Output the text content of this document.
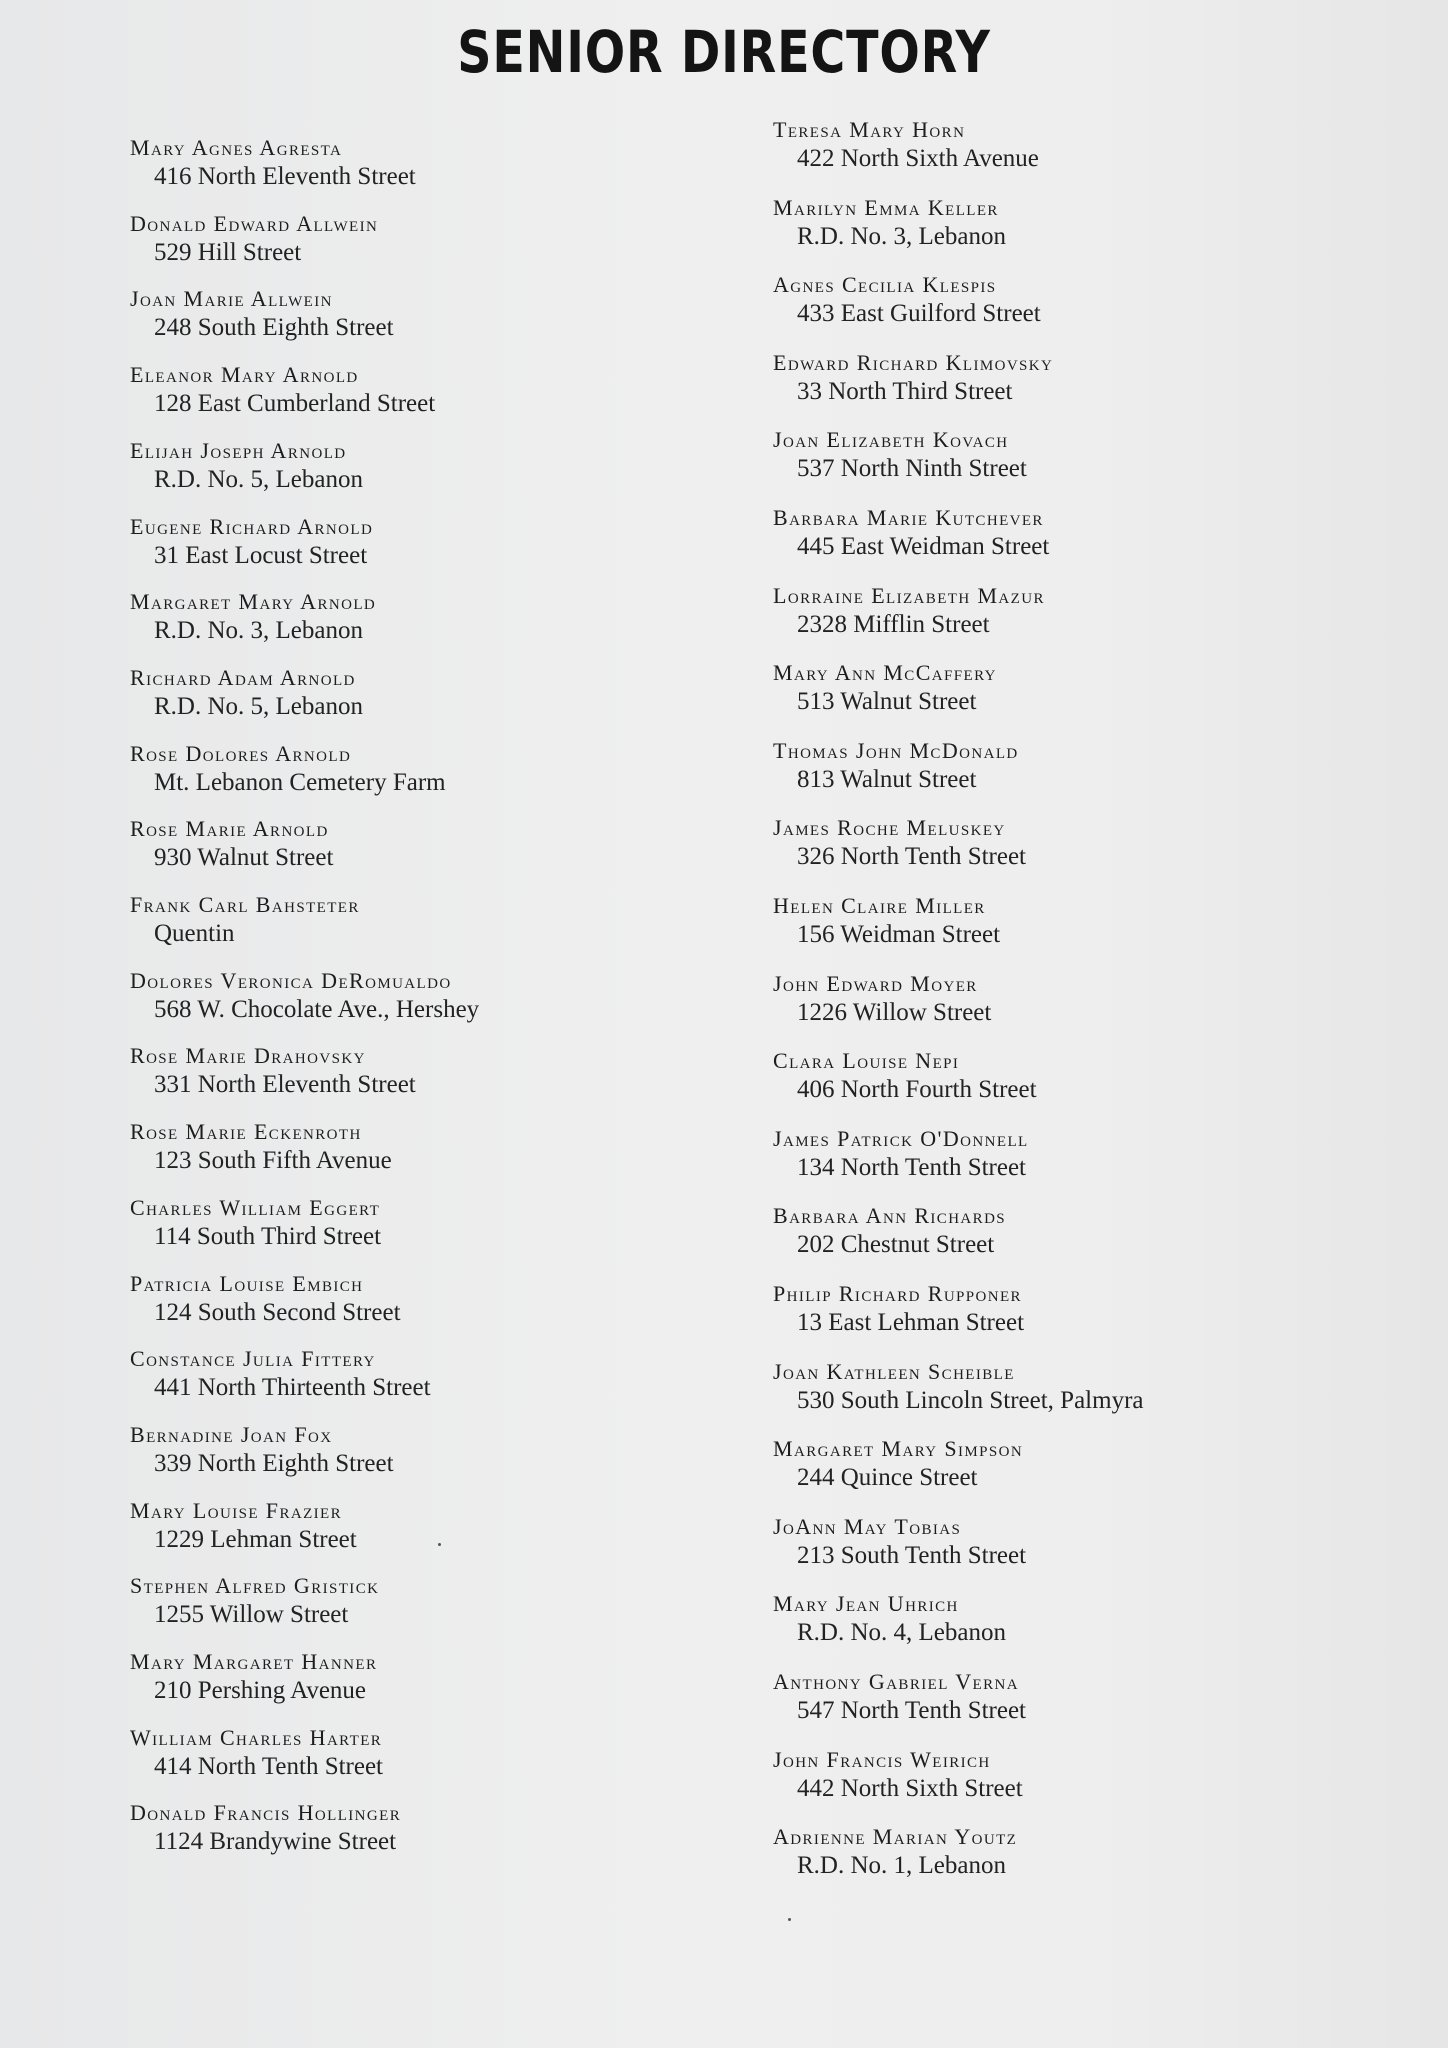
SENIOR DIRECTORY
Mary Agnes Agresta
416 North Eleventh Street
Donald Edward Allwein
529 Hill Street
Joan Marie Allwein
248 South Eighth Street
Eleanor Mary Arnold
128 East Cumberland Street
Elijah Joseph Arnold
R.D. No. 5, Lebanon
Eugene Richard Arnold
31 East Locust Street
Margaret Mary Arnold
R.D. No. 3, Lebanon
Richard Adam Arnold
R.D. No. 5, Lebanon
Rose Dolores Arnold
Mt. Lebanon Cemetery Farm
Rose Marie Arnold
930 Walnut Street
Frank Carl Bahsteter
Quentin
Dolores Veronica DeRomualdo
568 W. Chocolate Ave., Hershey
Rose Marie Drahovsky
331 North Eleventh Street
Rose Marie Eckenroth
123 South Fifth Avenue
Charles William Eggert
114 South Third Street
Patricia Louise Embich
124 South Second Street
Constance Julia Fittery
441 North Thirteenth Street
Bernadine Joan Fox
339 North Eighth Street
Mary Louise Frazier
1229 Lehman Street
Stephen Alfred Gristick
1255 Willow Street
Mary Margaret Hanner
210 Pershing Avenue
William Charles Harter
414 North Tenth Street
Donald Francis Hollinger
1124 Brandywine Street
Teresa Mary Horn
422 North Sixth Avenue
Marilyn Emma Keller
R.D. No. 3, Lebanon
Agnes Cecilia Klespis
433 East Guilford Street
Edward Richard Klimovsky
33 North Third Street
Joan Elizabeth Kovach
537 North Ninth Street
Barbara Marie Kutchever
445 East Weidman Street
Lorraine Elizabeth Mazur
2328 Mifflin Street
Mary Ann McCaffery
513 Walnut Street
Thomas John McDonald
813 Walnut Street
James Roche Meluskey
326 North Tenth Street
Helen Claire Miller
156 Weidman Street
John Edward Moyer
1226 Willow Street
Clara Louise Nepi
406 North Fourth Street
James Patrick O'Donnell
134 North Tenth Street
Barbara Ann Richards
202 Chestnut Street
Philip Richard Rupponer
13 East Lehman Street
Joan Kathleen Scheible
530 South Lincoln Street, Palmyra
Margaret Mary Simpson
244 Quince Street
JoAnn May Tobias
213 South Tenth Street
Mary Jean Uhrich
R.D. No. 4, Lebanon
Anthony Gabriel Verna
547 North Tenth Street
John Francis Weirich
442 North Sixth Street
Adrienne Marian Youtz
R.D. No. 1, Lebanon
